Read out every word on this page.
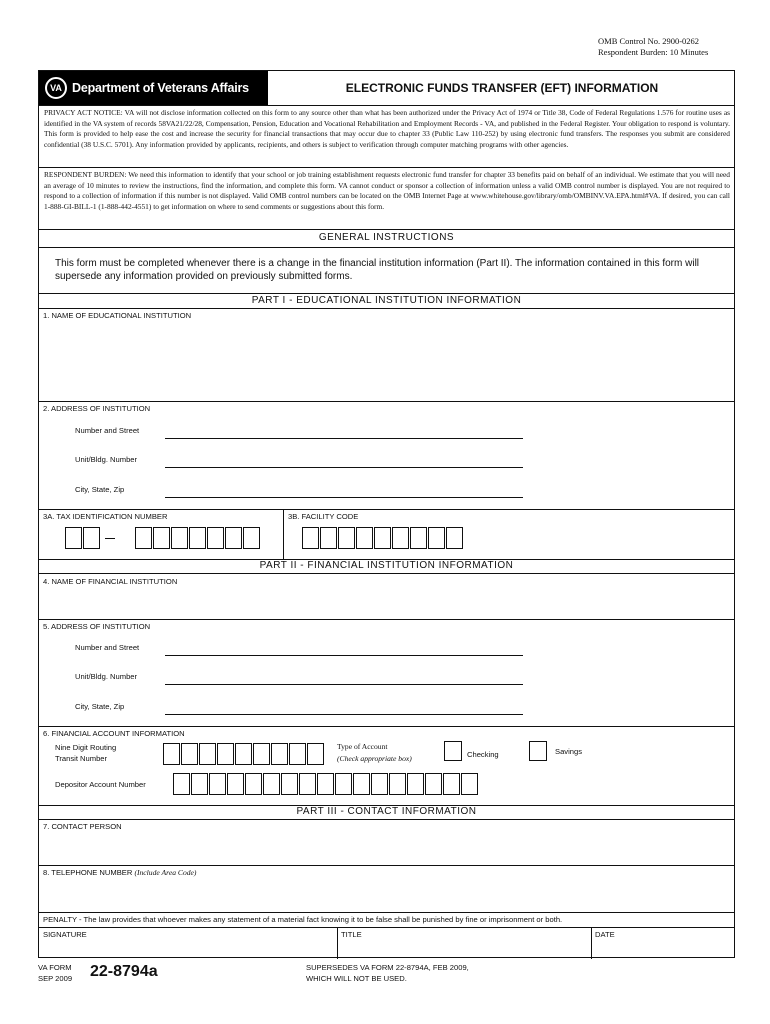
OMB Control No. 2900-0262
Respondent Burden: 10 Minutes
VA Department of Veterans Affairs	ELECTRONIC FUNDS TRANSFER (EFT) INFORMATION
PRIVACY ACT NOTICE: VA will not disclose information collected on this form to any source other than what has been authorized under the Privacy Act of 1974 or Title 38, Code of Federal Regulations 1.576 for routine uses as identified in the VA system of records 58VA21/22/28, Compensation, Pension, Education and Vocational Rehabilitation and Employment Records - VA, and published in the Federal Register. Your obligation to respond is voluntary. This form is provided to help ease the cost and increase the security for financial transactions that may occur due to chapter 33 (Public Law 110-252) by using electronic fund transfers. The responses you submit are considered confidential (38 U.S.C. 5701). Any information provided by applicants, recipients, and others is subject to verification through computer matching programs with other agencies.
RESPONDENT BURDEN: We need this information to identify that your school or job training establishment requests electronic fund transfer for chapter 33 benefits paid on behalf of an individual. We estimate that you will need an average of 10 minutes to review the instructions, find the information, and complete this form. VA cannot conduct or sponsor a collection of information unless a valid OMB control number is displayed. You are not required to respond to a collection of information if this number is not displayed. Valid OMB control numbers can be located on the OMB Internet Page at www.whitehouse.gov/library/omb/OMBINV.VA.EPA.html#VA. If desired, you can call 1-888-GI-BILL-1 (1-888-442-4551) to get information on where to send comments or suggestions about this form.
GENERAL INSTRUCTIONS
This form must be completed whenever there is a change in the financial institution information (Part II). The information contained in this form will supersede any information provided on previously submitted forms.
PART I - EDUCATIONAL INSTITUTION INFORMATION
1. NAME OF EDUCATIONAL INSTITUTION
2. ADDRESS OF INSTITUTION
Number and Street
Unit/Bldg. Number
City, State, Zip
3A. TAX IDENTIFICATION NUMBER	3B. FACILITY CODE
PART II - FINANCIAL INSTITUTION INFORMATION
4. NAME OF FINANCIAL INSTITUTION
5. ADDRESS OF INSTITUTION
Number and Street
Unit/Bldg. Number
City, State, Zip
6. FINANCIAL ACCOUNT INFORMATION
Nine Digit Routing
Transit Number
Type of Account
(Check appropriate box)	Checking	Savings
Depositor Account Number
PART III - CONTACT INFORMATION
7. CONTACT PERSON
8. TELEPHONE NUMBER (Include Area Code)
PENALTY - The law provides that whoever makes any statement of a material fact knowing it to be false shall be punished by fine or imprisonment or both.
SIGNATURE	TITLE	DATE
VA FORM
SEP 2009 22-8794a	SUPERSEDES VA FORM 22-8794A, FEB 2009,
WHICH WILL NOT BE USED.
